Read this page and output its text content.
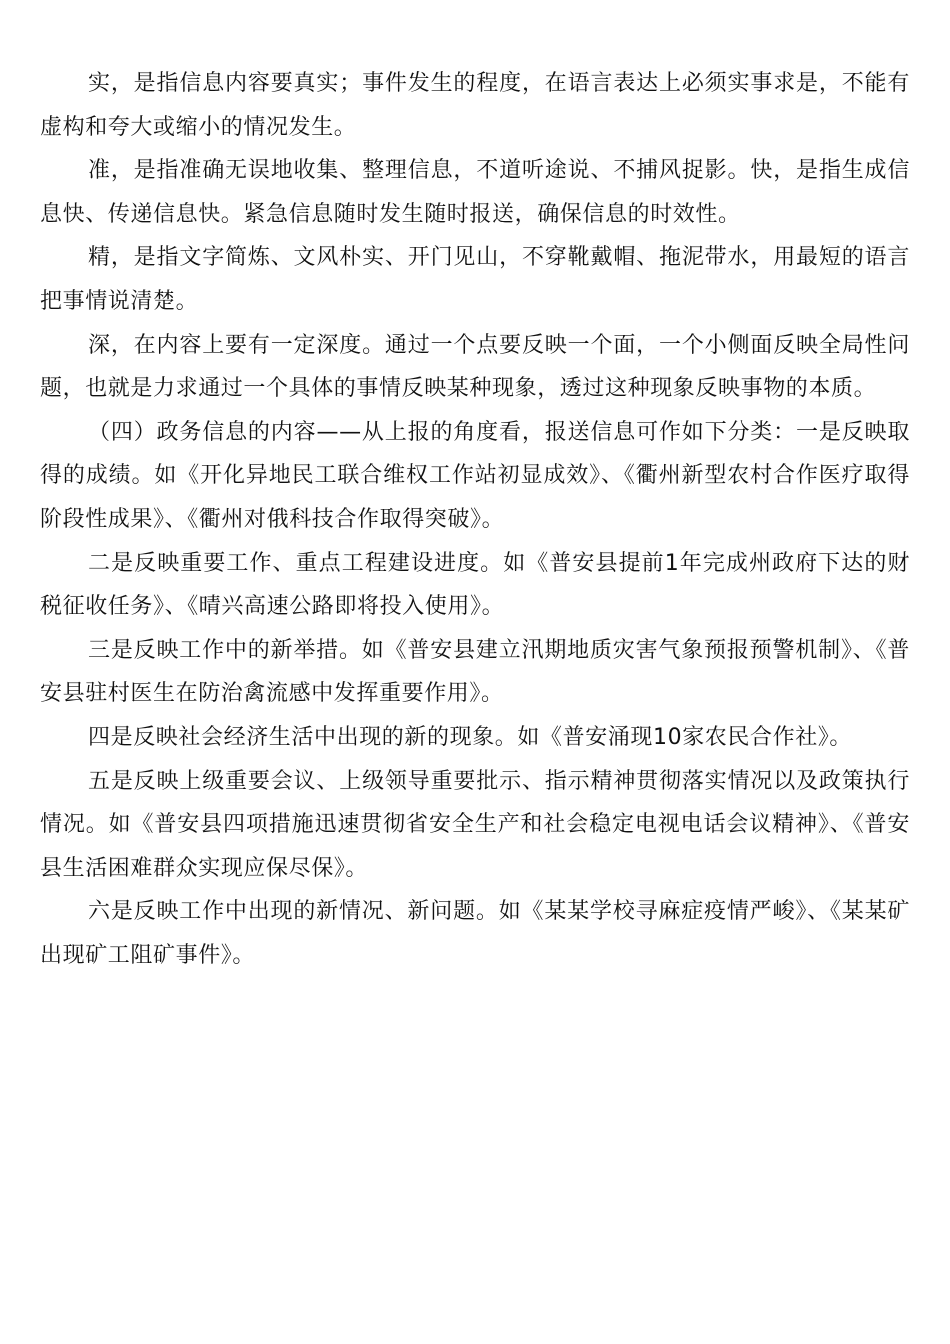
实，是指信息内容要真实；事件发生的程度，在语言表达上必须实事求是，不能有虚构和夸大或缩小的情况发生。

准，是指准确无误地收集、整理信息，不道听途说、不捕风捉影。快，是指生成信息快、传递信息快。紧急信息随时发生随时报送，确保信息的时效性。

精，是指文字简炼、文风朴实、开门见山，不穿靴戴帽、拖泥带水，用最短的语言把事情说清楚。

深，在内容上要有一定深度。通过一个点要反映一个面，一个小侧面反映全局性问题，也就是力求通过一个具体的事情反映某种现象，透过这种现象反映事物的本质。

（四）政务信息的内容——从上报的角度看，报送信息可作如下分类：一是反映取得的成绩。如《开化异地民工联合维权工作站初显成效》、《衢州新型农村合作医疗取得阶段性成果》、《衢州对俄科技合作取得突破》。

二是反映重要工作、重点工程建设进度。如《普安县提前1年完成州政府下达的财税征收任务》、《晴兴高速公路即将投入使用》。

三是反映工作中的新举措。如《普安县建立汛期地质灾害气象预报预警机制》、《普安县驻村医生在防治禽流感中发挥重要作用》。

四是反映社会经济生活中出现的新的现象。如《普安涌现10家农民合作社》。

五是反映上级重要会议、上级领导重要批示、指示精神贯彻落实情况以及政策执行情况。如《普安县四项措施迅速贯彻省安全生产和社会稳定电视电话会议精神》、《普安县生活困难群众实现应保尽保》。

六是反映工作中出现的新情况、新问题。如《某某学校寻麻症疫情严峻》、《某某矿出现矿工阻矿事件》。
